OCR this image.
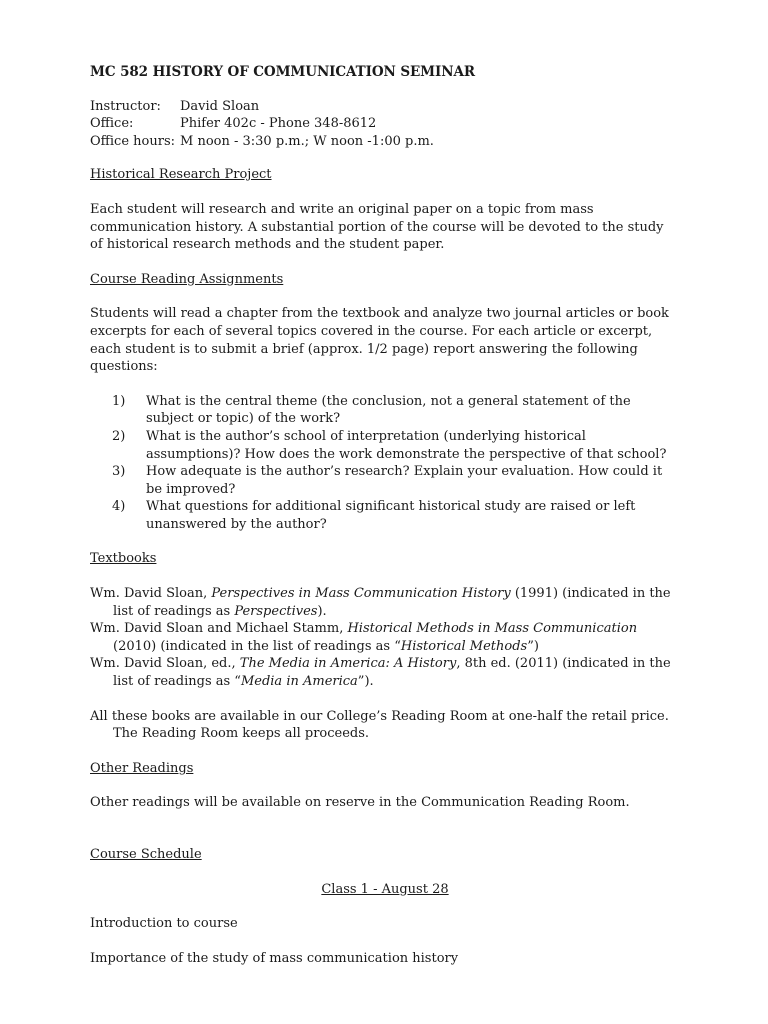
MC 582 HISTORY OF COMMUNICATION SEMINAR
Instructor:	David Sloan
Office:	Phifer 402c - Phone 348-8612
Office hours: M noon - 3:30 p.m.; W noon -1:00 p.m.
Historical Research Project

Each student will research and write an original paper on a topic from mass communication history. A substantial portion of the course will be devoted to the study of historical research methods and the student paper.

Course Reading Assignments

Students will read a chapter from the textbook and analyze two journal articles or book excerpts for each of several topics covered in the course. For each article or excerpt, each student is to submit a brief (approx. 1/2 page) report answering the following questions:

1)	What is the central theme (the conclusion, not a general statement of the subject or topic) of the work?
2)	What is the author’s school of interpretation (underlying historical assumptions)? How does the work demonstrate the perspective of that school?
3)	How adequate is the author’s research? Explain your evaluation. How could it be improved?
4)	What questions for additional significant historical study are raised or left unanswered by the author?
Textbooks
Wm. David Sloan, Perspectives in Mass Communication History (1991) (indicated in the list of readings as Perspectives).
Wm. David Sloan and Michael Stamm, Historical Methods in Mass Communication (2010) (indicated in the list of readings as “Historical Methods”)
Wm. David Sloan, ed., The Media in America: A History, 8th ed. (2011) (indicated in the list of readings as “Media in America”).

All these books are available in our College’s Reading Room at one-half the retail price. The Reading Room keeps all proceeds.

Other Readings

Other readings will be available on reserve in the Communication Reading Room.

Course Schedule
Class 1 - August 28

Introduction to course

Importance of the study of mass communication history
